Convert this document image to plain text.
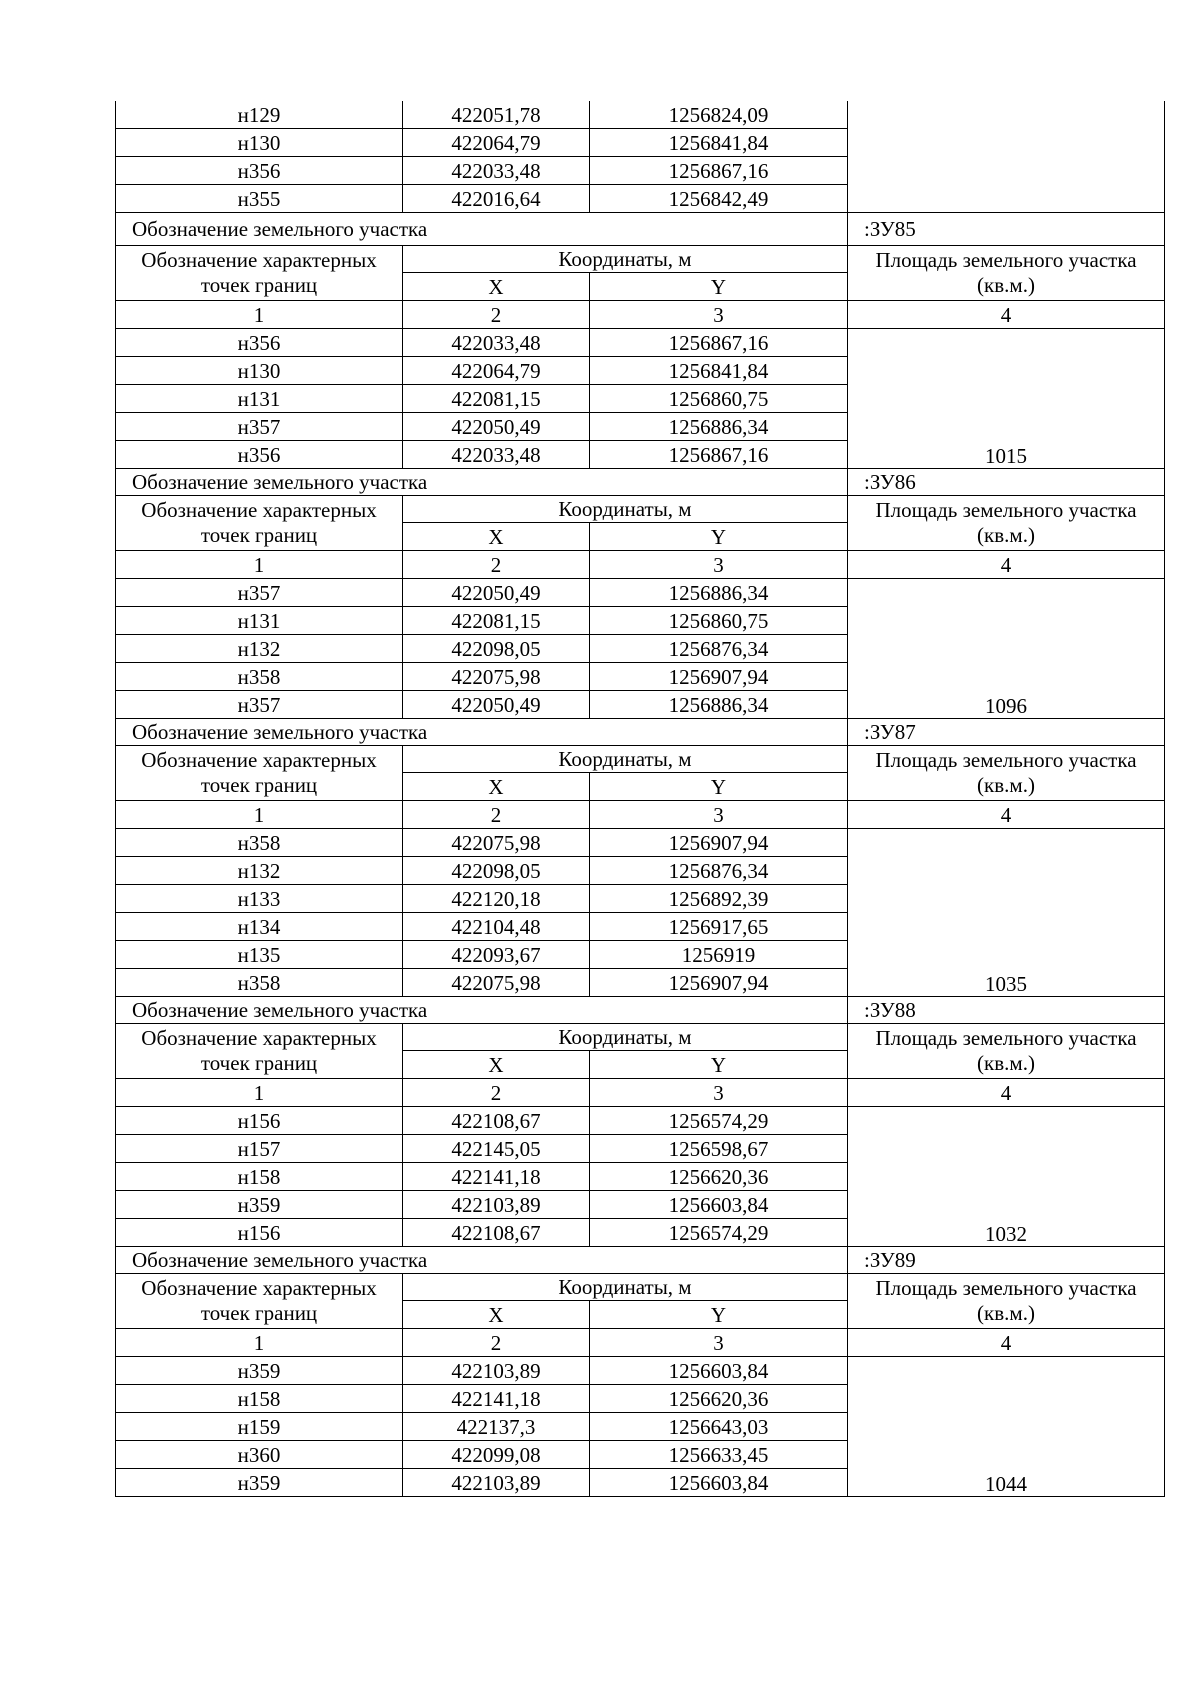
н129	422051,78	1256824,09	
н130	422064,79	1256841,84	
н356	422033,48	1256867,16	
н355	422016,64	1256842,49	
Обозначение земельного участка			:ЗУ85
Обозначение характерных точек границ	Координаты, м		Площадь земельного участка (кв.м.)
	X	Y	
1	2	3	4
н356	422033,48	1256867,16	1015
н130	422064,79	1256841,84	
н131	422081,15	1256860,75	
н357	422050,49	1256886,34	
н356	422033,48	1256867,16	
Обозначение земельного участка			:ЗУ86
Обозначение характерных точек границ	Координаты, м		Площадь земельного участка (кв.м.)
	X	Y	
1	2	3	4
н357	422050,49	1256886,34	1096
н131	422081,15	1256860,75	
н132	422098,05	1256876,34	
н358	422075,98	1256907,94	
н357	422050,49	1256886,34	
Обозначение земельного участка			:ЗУ87
Обозначение характерных точек границ	Координаты, м		Площадь земельного участка (кв.м.)
	X	Y	
1	2	3	4
н358	422075,98	1256907,94	1035
н132	422098,05	1256876,34	
н133	422120,18	1256892,39	
н134	422104,48	1256917,65	
н135	422093,67	1256919	
н358	422075,98	1256907,94	
Обозначение земельного участка			:ЗУ88
Обозначение характерных точек границ	Координаты, м		Площадь земельного участка (кв.м.)
	X	Y	
1	2	3	4
н156	422108,67	1256574,29	1032
н157	422145,05	1256598,67	
н158	422141,18	1256620,36	
н359	422103,89	1256603,84	
н156	422108,67	1256574,29	
Обозначение земельного участка			:ЗУ89
Обозначение характерных точек границ	Координаты, м		Площадь земельного участка (кв.м.)
	X	Y	
1	2	3	4
н359	422103,89	1256603,84	1044
н158	422141,18	1256620,36	
н159	422137,3	1256643,03	
н360	422099,08	1256633,45	
н359	422103,89	1256603,84	
